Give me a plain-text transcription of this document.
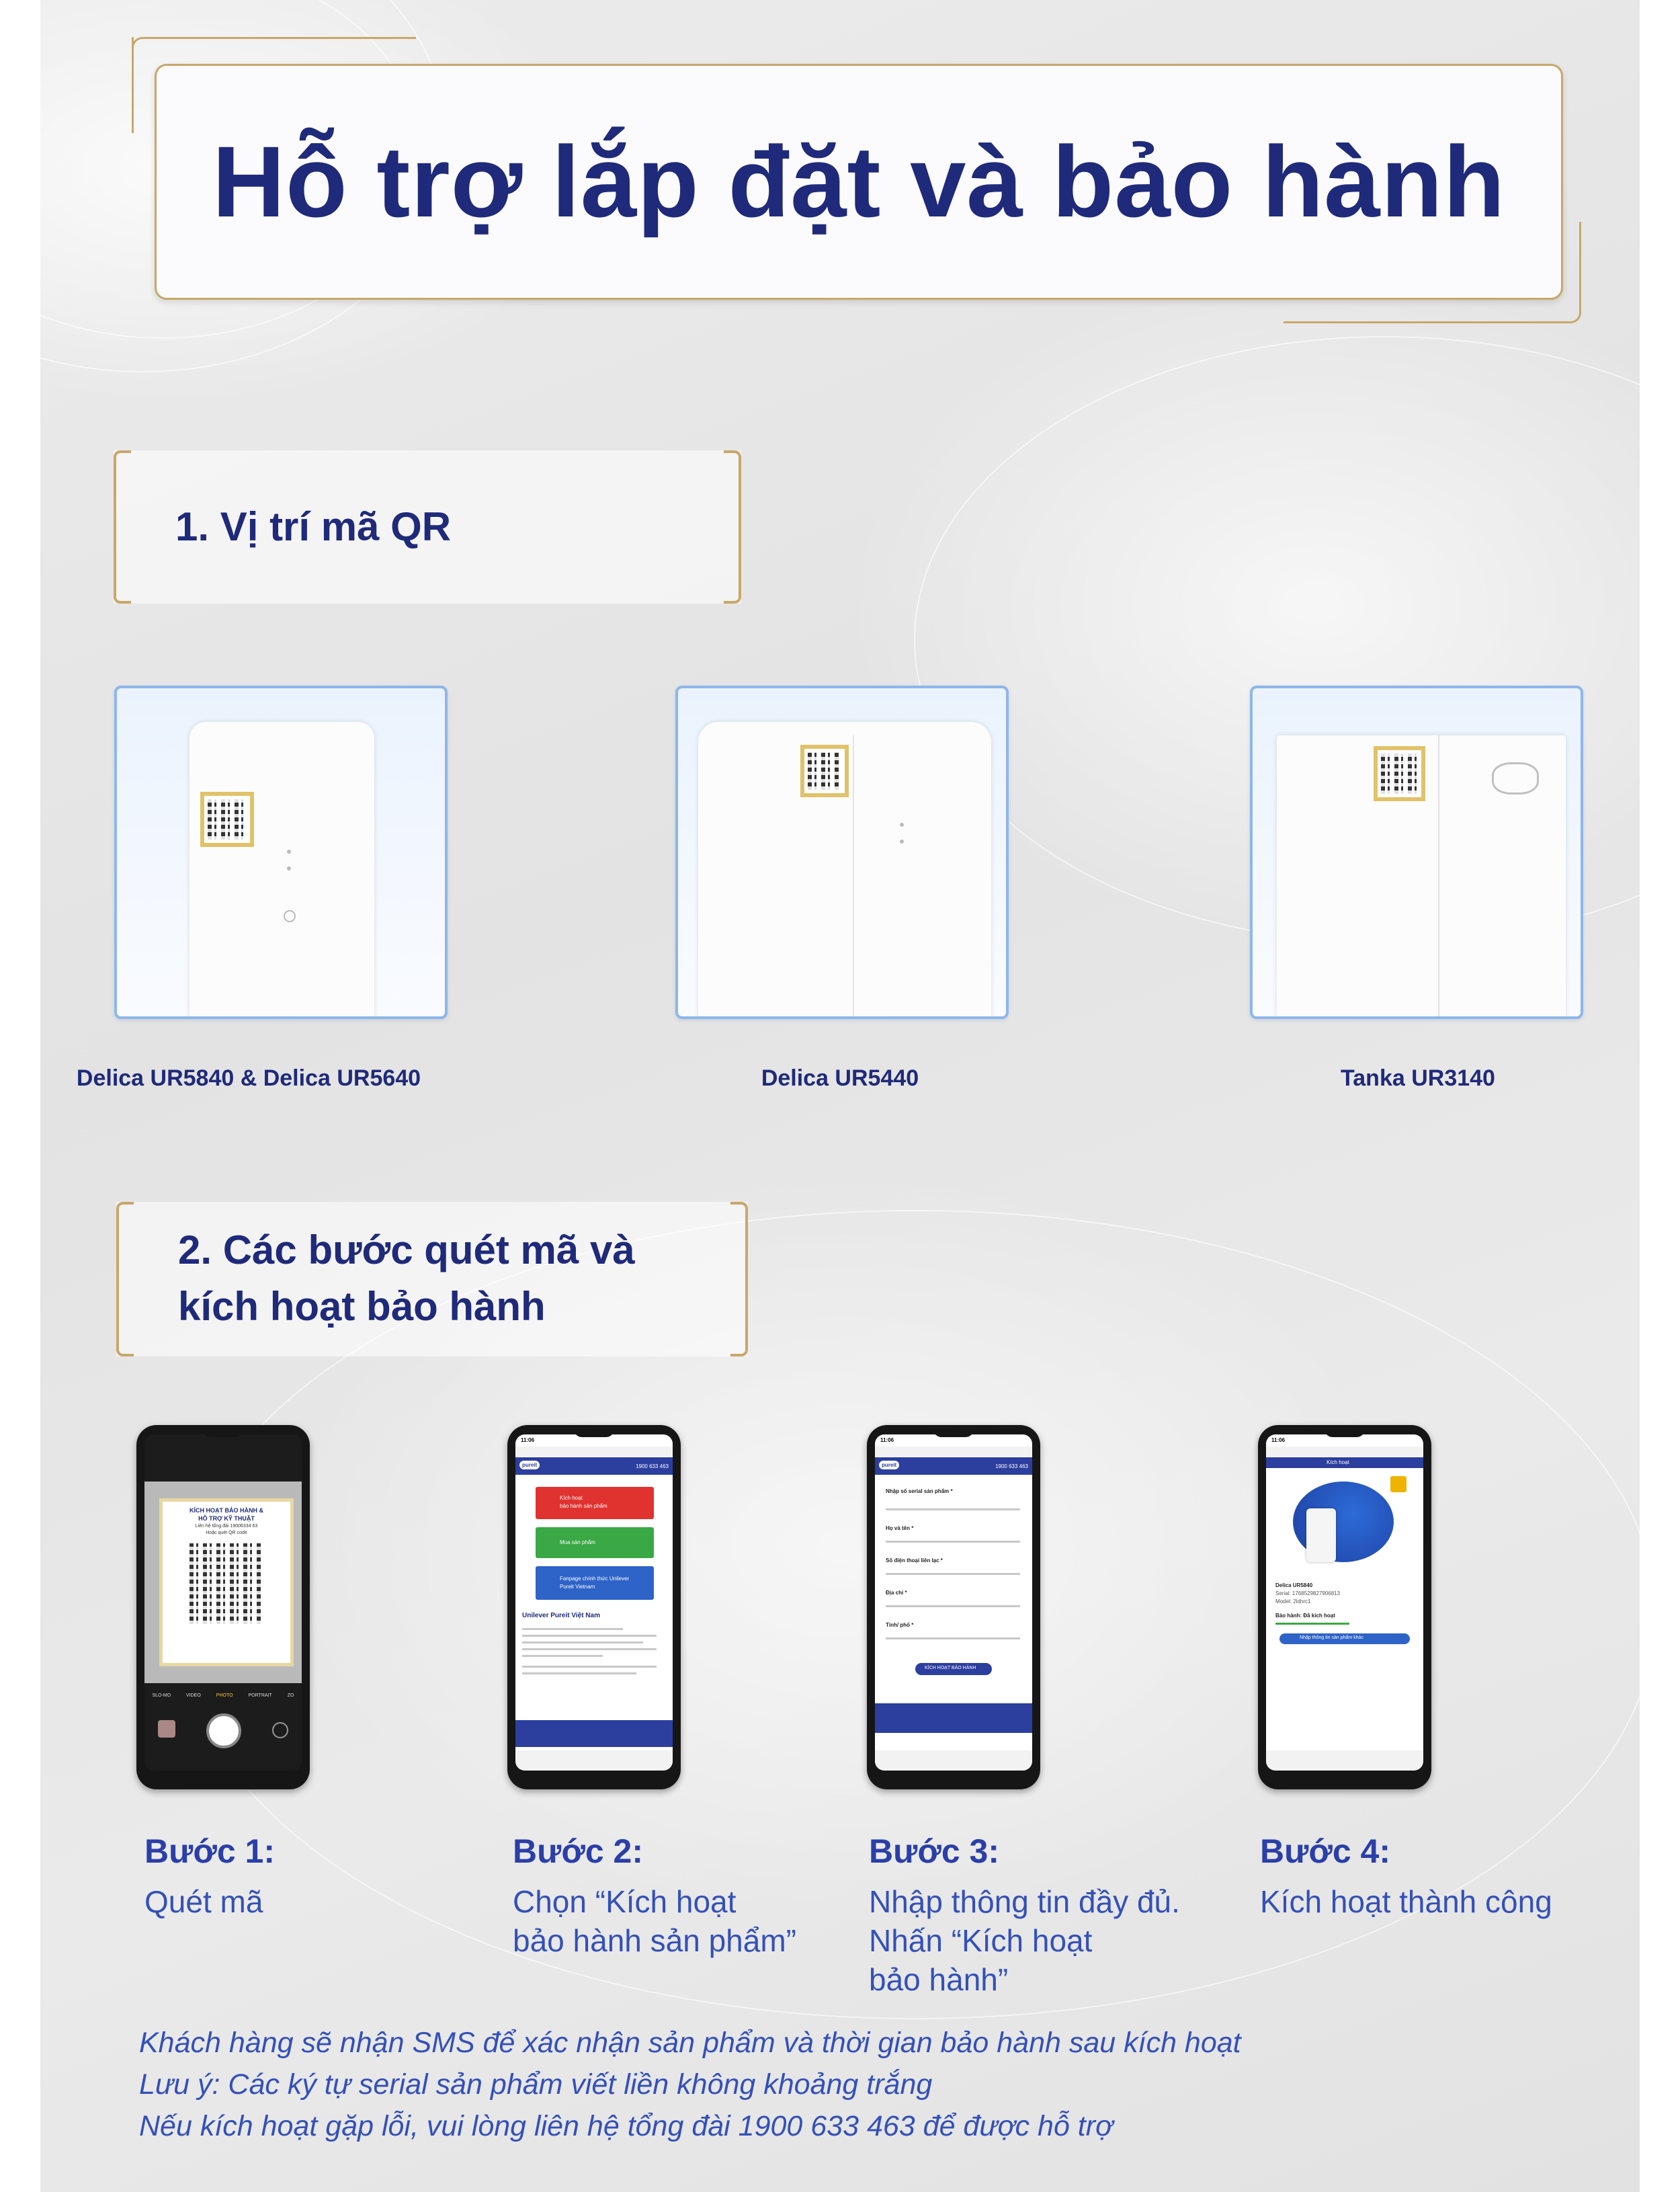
Hỗ trợ lắp đặt và bảo hành
1. Vị trí mã QR
Delica UR5840 & Delica UR5640	Delica UR5440	Tanka UR3140
2. Các bước quét mã và
kích hoạt bảo hành
KÍCH HOẠT BẢO HÀNH &
HỖ TRỢ KỸ THUẬT
Liên hệ tổng đài 19006334 63
Hoặc quét QR code
SLO-MO	VIDEO	PHOTO	PORTRAIT	ZO
11:06
pureit	1900 633 463
Kích hoạt
bảo hành sản phẩm
Mua sản phẩm
Fanpage chính thức Unilever
Pureit Vietnam
Unilever Pureit Việt Nam
11:06
pureit	1900 633 463
Nhập số serial sản phẩm *
Họ và tên *
Số điện thoại liên lạc *
Địa chỉ *
Tỉnh/ phố *
KÍCH HOẠT BẢO HÀNH
11:06
Kích hoạt
Delica UR5840
Serial: 1768529827906813
Model: 2ldhrc1
Bảo hành: Đã kích hoạt
Nhập thông tin sản phẩm khác
Bước 1:
Quét mã
Bước 2:
Chọn “Kích hoạt
bảo hành sản phẩm”
Bước 3:
Nhập thông tin đầy đủ.
Nhấn “Kích hoạt
bảo hành”
Bước 4:
Kích hoạt thành công
Khách hàng sẽ nhận SMS để xác nhận sản phẩm và thời gian bảo hành sau kích hoạt
Lưu ý: Các ký tự serial sản phẩm viết liền không khoảng trắng
Nếu kích hoạt gặp lỗi, vui lòng liên hệ tổng đài 1900 633 463 để được hỗ trợ
